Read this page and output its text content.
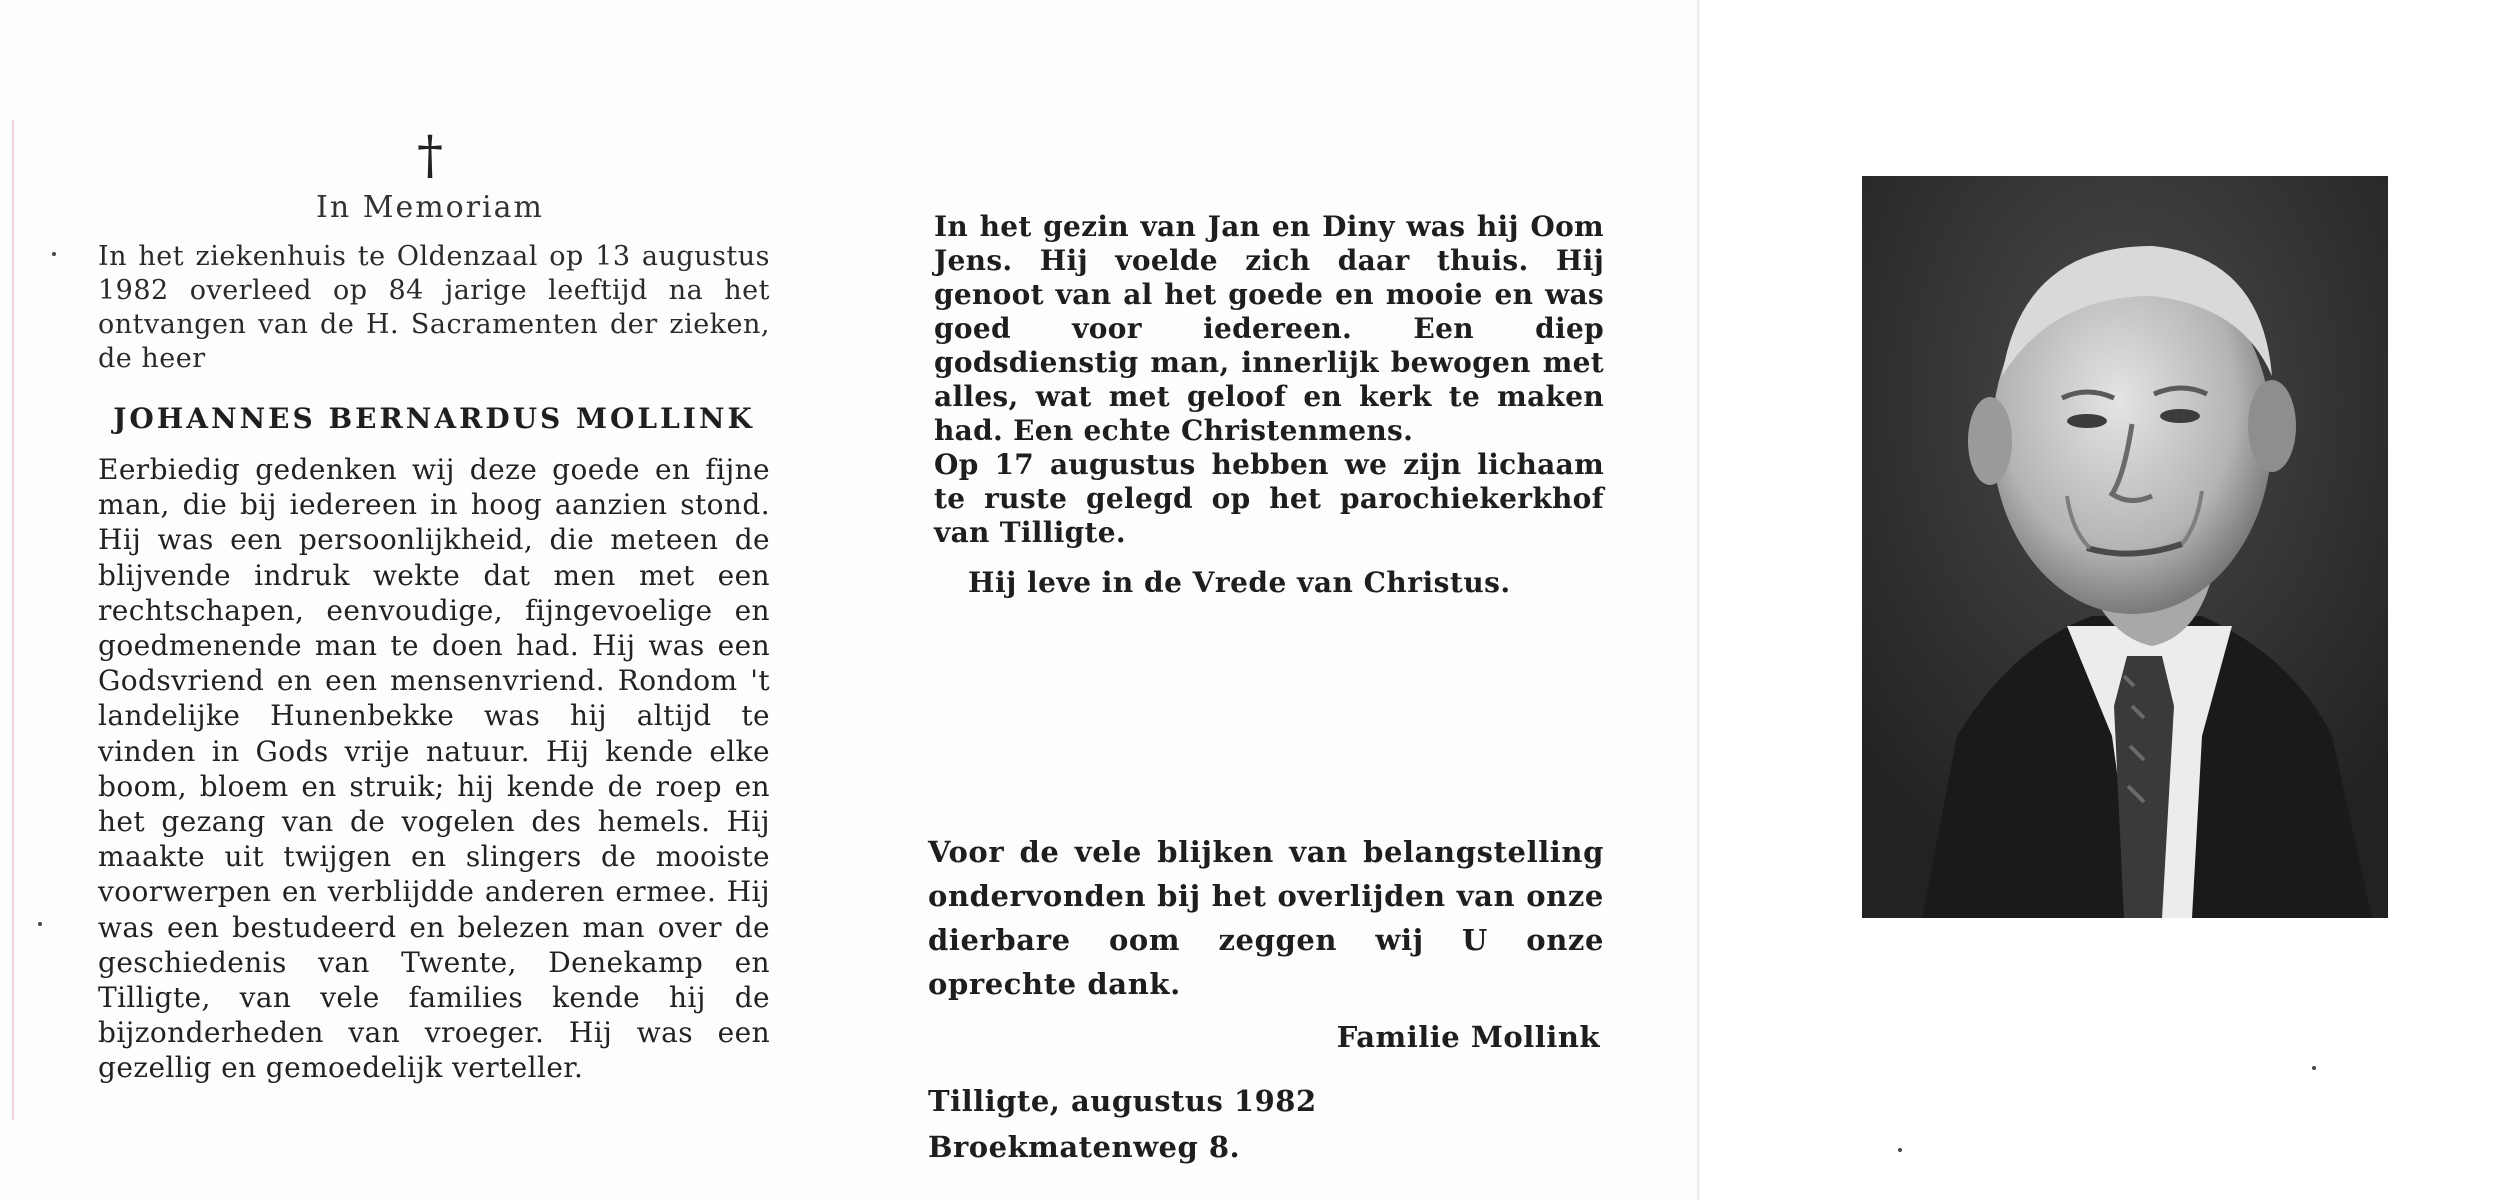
†
In Memoriam
In het ziekenhuis te Oldenzaal op 13 augustus 1982 overleed op 84 jarige leeftijd na het ontvangen van de H. Sacramenten der zieken, de heer
JOHANNES BERNARDUS MOLLINK
Eerbiedig gedenken wij deze goede en fijne man, die bij iedereen in hoog aanzien stond. Hij was een persoonlijkheid, die meteen de blijvende indruk wekte dat men met een rechtschapen, eenvoudige, fijngevoelige en goedmenende man te doen had. Hij was een Godsvriend en een mensenvriend. Rondom 't landelijke Hunenbekke was hij altijd te vinden in Gods vrije natuur. Hij kende elke boom, bloem en struik; hij kende de roep en het gezang van de vogelen des hemels. Hij maakte uit twijgen en slingers de mooiste voorwerpen en verblijdde anderen ermee. Hij was een bestudeerd en belezen man over de geschiedenis van Twente, Denekamp en Tilligte, van vele families kende hij de bijzonderheden van vroeger. Hij was een gezellig en gemoedelijk verteller.

In het gezin van Jan en Diny was hij Oom Jens. Hij voelde zich daar thuis. Hij genoot van al het goede en mooie en was goed voor iedereen. Een diep godsdienstig man, innerlijk bewogen met alles, wat met geloof en kerk te maken had. Een echte Christenmens.

Op 17 augustus hebben we zijn lichaam te ruste gelegd op het parochiekerkhof van Tilligte.

Hij leve in de Vrede van Christus.
Voor de vele blijken van belangstelling ondervonden bij het overlijden van onze dierbare oom zeggen wij U onze oprechte dank.
Familie Mollink
Tilligte, augustus 1982
Broekmatenweg 8.
